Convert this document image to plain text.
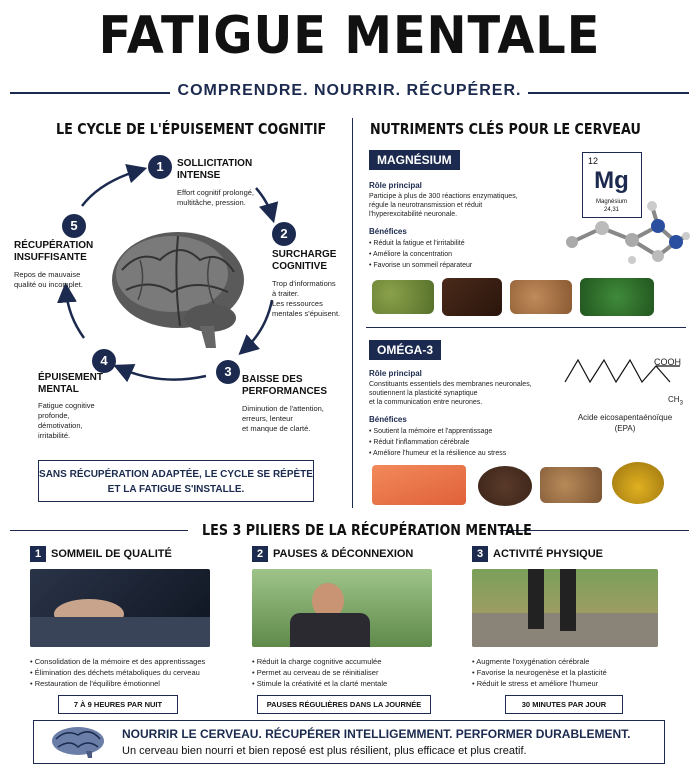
FATIGUE MENTALE
COMPRENDRE. NOURRIR. RÉCUPÉRER.
LE CYCLE DE L'ÉPUISEMENT COGNITIF
1	SOLLICITATION
INTENSE
Effort cognitif prolongé,
multitâche, pression.
2
SURCHARGE
COGNITIVE
Trop d'informations
à traiter.
Les ressources
mentales s'épuisent.
3
BAISSE DES
PERFORMANCES
Diminution de l'attention,
erreurs, lenteur
et manque de clarté.
4
ÉPUISEMENT
MENTAL
Fatigue cognitive
profonde,
démotivation,
irritabilité.
5
RÉCUPÉRATION
INSUFFISANTE
Repos de mauvaise
qualité ou incomplet.
SANS RÉCUPÉRATION ADAPTÉE, LE CYCLE SE RÉPÈTE
ET LA FATIGUE S'INSTALLE.
NUTRIMENTS CLÉS POUR LE CERVEAU
MAGNÉSIUM
Rôle principal
Participe à plus de 300 réactions enzymatiques,
régule la neurotransmission et réduit
l'hyperexcitabilité neuronale.
Bénéfices
• Réduit la fatigue et l'irritabilité
• Améliore la concentration
• Favorise un sommeil réparateur
12
Mg
Magnésium
24,31
OMÉGA-3
Rôle principal
Constituants essentiels des membranes neuronales,
soutiennent la plasticité synaptique
et la communication entre neurones.
Bénéfices
• Soutient la mémoire et l'apprentissage
• Réduit l'inflammation cérébrale
• Améliore l'humeur et la résilience au stress
COOH
$CH_3$
Acide eicosapentaénoïque
(EPA)
LES 3 PILIERS DE LA RÉCUPÉRATION MENTALE
1 SOMMEIL DE QUALITÉ	2 PAUSES & DÉCONNEXION	3 ACTIVITÉ PHYSIQUE
• Consolidation de la mémoire et des apprentissages
• Élimination des déchets métaboliques du cerveau
• Restauration de l'équilibre émotionnel
• Réduit la charge cognitive accumulée
• Permet au cerveau de se réinitialiser
• Stimule la créativité et la clarté mentale
• Augmente l'oxygénation cérébrale
• Favorise la neurogenèse et la plasticité
• Réduit le stress et améliore l'humeur
7 À 9 HEURES PAR NUIT	PAUSES RÉGULIÈRES DANS LA JOURNÉE	30 MINUTES PAR JOUR
NOURRIR LE CERVEAU. RÉCUPÉRER INTELLIGEMMENT. PERFORMER DURABLEMENT.
Un cerveau bien nourri et bien reposé est plus résilient, plus efficace et plus creatif.
